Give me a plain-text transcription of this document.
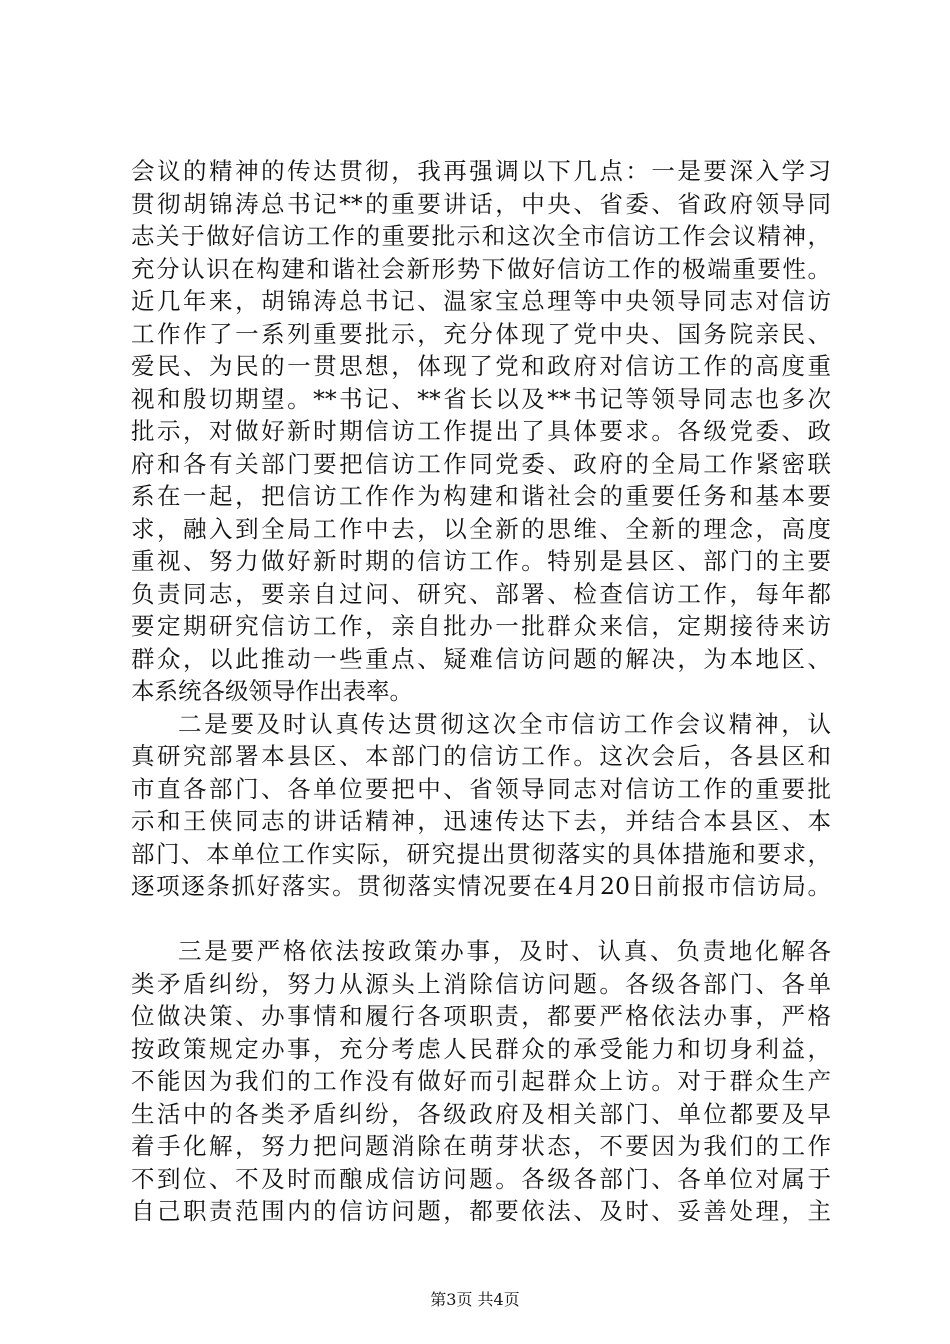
会议的精神的传达贯彻，我再强调以下几点：一是要深入学习
贯彻胡锦涛总书记**的重要讲话，中央、省委、省政府领导同
志关于做好信访工作的重要批示和这次全市信访工作会议精神，
充分认识在构建和谐社会新形势下做好信访工作的极端重要性。
近几年来，胡锦涛总书记、温家宝总理等中央领导同志对信访
工作作了一系列重要批示，充分体现了党中央、国务院亲民、
爱民、为民的一贯思想，体现了党和政府对信访工作的高度重
视和殷切期望。**书记、**省长以及**书记等领导同志也多次
批示，对做好新时期信访工作提出了具体要求。各级党委、政
府和各有关部门要把信访工作同党委、政府的全局工作紧密联
系在一起，把信访工作作为构建和谐社会的重要任务和基本要
求，融入到全局工作中去，以全新的思维、全新的理念，高度
重视、努力做好新时期的信访工作。特别是县区、部门的主要
负责同志，要亲自过问、研究、部署、检查信访工作，每年都
要定期研究信访工作，亲自批办一批群众来信，定期接待来访
群众，以此推动一些重点、疑难信访问题的解决，为本地区、
本系统各级领导作出表率。
二是要及时认真传达贯彻这次全市信访工作会议精神，认
真研究部署本县区、本部门的信访工作。这次会后，各县区和
市直各部门、各单位要把中、省领导同志对信访工作的重要批
示和王侠同志的讲话精神，迅速传达下去，并结合本县区、本
部门、本单位工作实际，研究提出贯彻落实的具体措施和要求，
逐项逐条抓好落实。贯彻落实情况要在4月20日前报市信访局。
三是要严格依法按政策办事，及时、认真、负责地化解各
类矛盾纠纷，努力从源头上消除信访问题。各级各部门、各单
位做决策、办事情和履行各项职责，都要严格依法办事，严格
按政策规定办事，充分考虑人民群众的承受能力和切身利益，
不能因为我们的工作没有做好而引起群众上访。对于群众生产
生活中的各类矛盾纠纷，各级政府及相关部门、单位都要及早
着手化解，努力把问题消除在萌芽状态，不要因为我们的工作
不到位、不及时而酿成信访问题。各级各部门、各单位对属于
自己职责范围内的信访问题，都要依法、及时、妥善处理，主
第3页 共4页
